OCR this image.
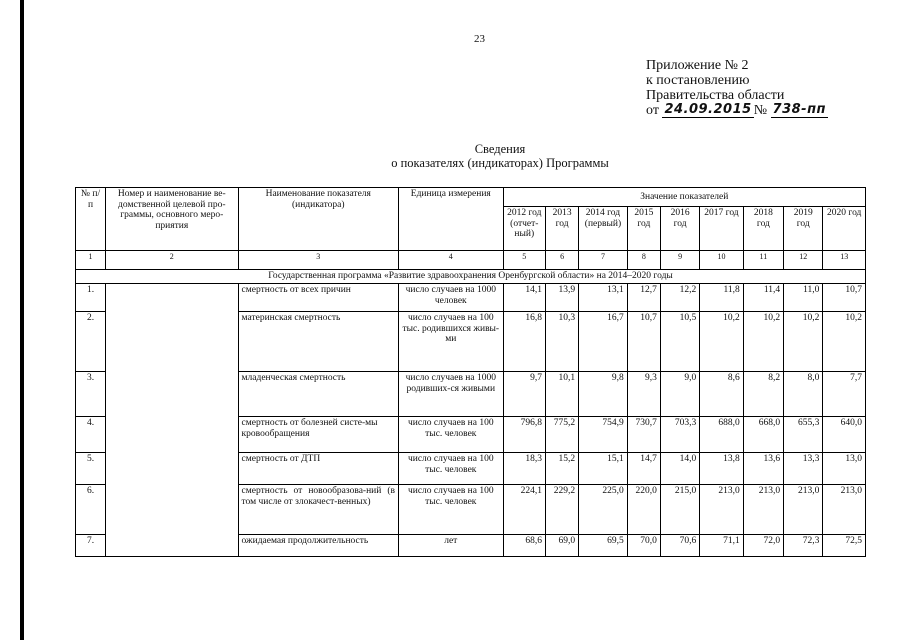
23
Приложение № 2
к постановлению
Правительства области
от
24.09.2015 №
738-пп
Сведения
о показателях (индикаторах) Программы
№ п/п	Номер и наименование ве-домственной целевой про-граммы, основного меро-приятия	Наименование показателя (индикатора)	Единица измерения	Значение показателей								
				2012 год (отчет-ный)	2013 год	2014 год (первый)	2015 год	2016 год	2017 год	2018 год	2019 год	2020 год
1	2	3	4	5	6	7	8	9	10	11	12	13
Государственная программа «Развитие здравоохранения Оренбургской области» на 2014–2020 годы												
1.		смертность от всех причин	число случаев на 1000 человек	14,1	13,9	13,1	12,7	12,2	11,8	11,4	11,0	10,7
2.		материнская смертность	число случаев на 100 тыс. родившихся живы-ми	16,8	10,3	16,7	10,7	10,5	10,2	10,2	10,2	10,2
3.		младенческая смертность	число случаев на 1000 родивших-ся живыми	9,7	10,1	9,8	9,3	9,0	8,6	8,2	8,0	7,7
4.		смертность от болезней систе-мы кровообращения	число случаев на 100 тыс. человек	796,8	775,2	754,9	730,7	703,3	688,0	668,0	655,3	640,0
5.		смертность от ДТП	число случаев на 100 тыс. человек	18,3	15,2	15,1	14,7	14,0	13,8	13,6	13,3	13,0
6.		смертность от новообразова-ний (в том числе от злокачест-венных)	число случаев на 100 тыс. человек	224,1	229,2	225,0	220,0	215,0	213,0	213,0	213,0	213,0
7.		ожидаемая продолжительность	лет	68,6	69,0	69,5	70,0	70,6	71,1	72,0	72,3	72,5
